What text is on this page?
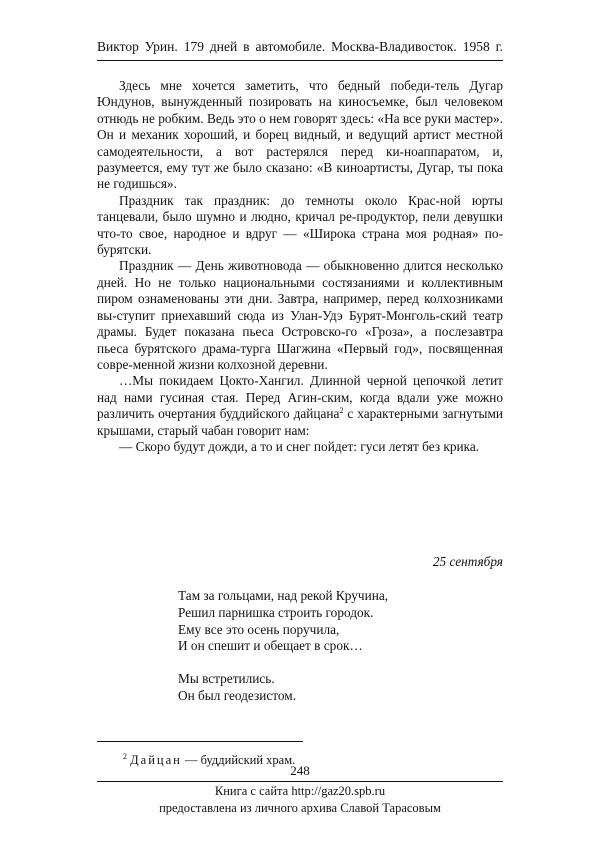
Виктор Урин. 179 дней в автомобиле. Москва-Владивосток. 1958 г.

Здесь мне хочется заметить, что бедный победи-тель Дугар Юндунов, вынужденный позировать на киносъемке, был человеком отнюдь не робким. Ведь это о нем говорят здесь: «На все руки мастер». Он и механик хороший, и борец видный, и ведущий артист местной самодеятельности, а вот растерялся перед ки-ноаппаратом, и, разумеется, ему тут же было сказано: «В киноартисты, Дугар, ты пока не годишься».

Праздник так праздник: до темноты около Крас-ной юрты танцевали, было шумно и людно, кричал ре-продуктор, пели девушки что-то свое, народное и вдруг — «Широка страна моя родная» по-бурятски.

Праздник — День животновода — обыкновенно длится несколько дней. Но не только национальными состязаниями и коллективным пиром ознаменованы эти дни. Завтра, например, перед колхозниками вы-ступит приехавший сюда из Улан-Удэ Бурят-Монголь-ский театр драмы. Будет показана пьеса Островско-го «Гроза», а послезавтра пьеса бурятского драма-турга Шагжина «Первый год», посвященная совре-менной жизни колхозной деревни.

…Мы покидаем Цокто-Хангил. Длинной черной цепочкой летит над нами гусиная стая. Перед Агин-ским, когда вдали уже можно различить очертания буддийского дайцана$^2$ с характерными загнутыми крышами, старый чабан говорит нам:

— Скоро будут дожди, а то и снег пойдет: гуси летят без крика.

25 сентября
Там за гольцами, над рекой Кручина,
Решил парнишка строить городок.
Ему все это осень поручила,
И он спешит и обещает в срок…
Мы встретились.
Он был геодезистом.
$^2$ Дайцан — буддийский храм.
248
Книга с сайта http://gaz20.spb.ru
предоставлена из личного архива Славой Тарасовым
